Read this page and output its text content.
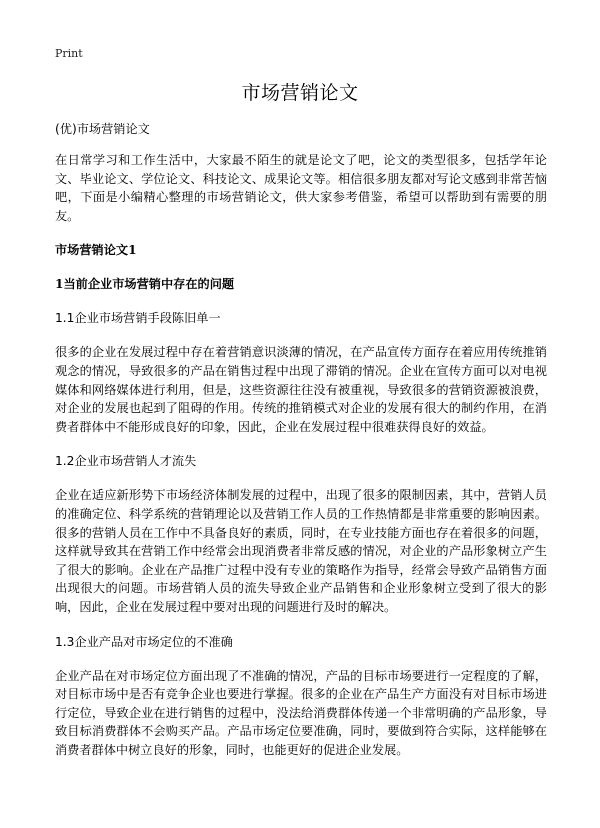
Print
市场营销论文
(优)市场营销论文

在日常学习和工作生活中，大家最不陌生的就是论文了吧，论文的类型很多，包括学年论文、毕业论文、学位论文、科技论文、成果论文等。相信很多朋友都对写论文感到非常苦恼吧，下面是小编精心整理的市场营销论文，供大家参考借鉴，希望可以帮助到有需要的朋友。

市场营销论文1
1当前企业市场营销中存在的问题
1.1企业市场营销手段陈旧单一

很多的企业在发展过程中存在着营销意识淡薄的情况，在产品宣传方面存在着应用传统推销观念的情况，导致很多的产品在销售过程中出现了滞销的情况。企业在宣传方面可以对电视媒体和网络媒体进行利用，但是，这些资源往往没有被重视，导致很多的营销资源被浪费，对企业的发展也起到了阻碍的作用。传统的推销模式对企业的发展有很大的制约作用，在消费者群体中不能形成良好的印象，因此，企业在发展过程中很难获得良好的效益。

1.2企业市场营销人才流失

企业在适应新形势下市场经济体制发展的过程中，出现了很多的限制因素，其中，营销人员的准确定位、科学系统的营销理论以及营销工作人员的工作热情都是非常重要的影响因素。很多的营销人员在工作中不具备良好的素质，同时，在专业技能方面也存在着很多的问题，这样就导致其在营销工作中经常会出现消费者非常反感的情况，对企业的产品形象树立产生了很大的影响。企业在产品推广过程中没有专业的策略作为指导，经常会导致产品销售方面出现很大的问题。市场营销人员的流失导致企业产品销售和企业形象树立受到了很大的影响，因此，企业在发展过程中要对出现的问题进行及时的解决。

1.3企业产品对市场定位的不准确

企业产品在对市场定位方面出现了不准确的情况，产品的目标市场要进行一定程度的了解，对目标市场中是否有竞争企业也要进行掌握。很多的企业在产品生产方面没有对目标市场进行定位，导致企业在进行销售的过程中，没法给消费群体传递一个非常明确的产品形象，导致目标消费群体不会购买产品。产品市场定位要准确，同时，要做到符合实际，这样能够在消费者群体中树立良好的形象，同时，也能更好的促进企业发展。
